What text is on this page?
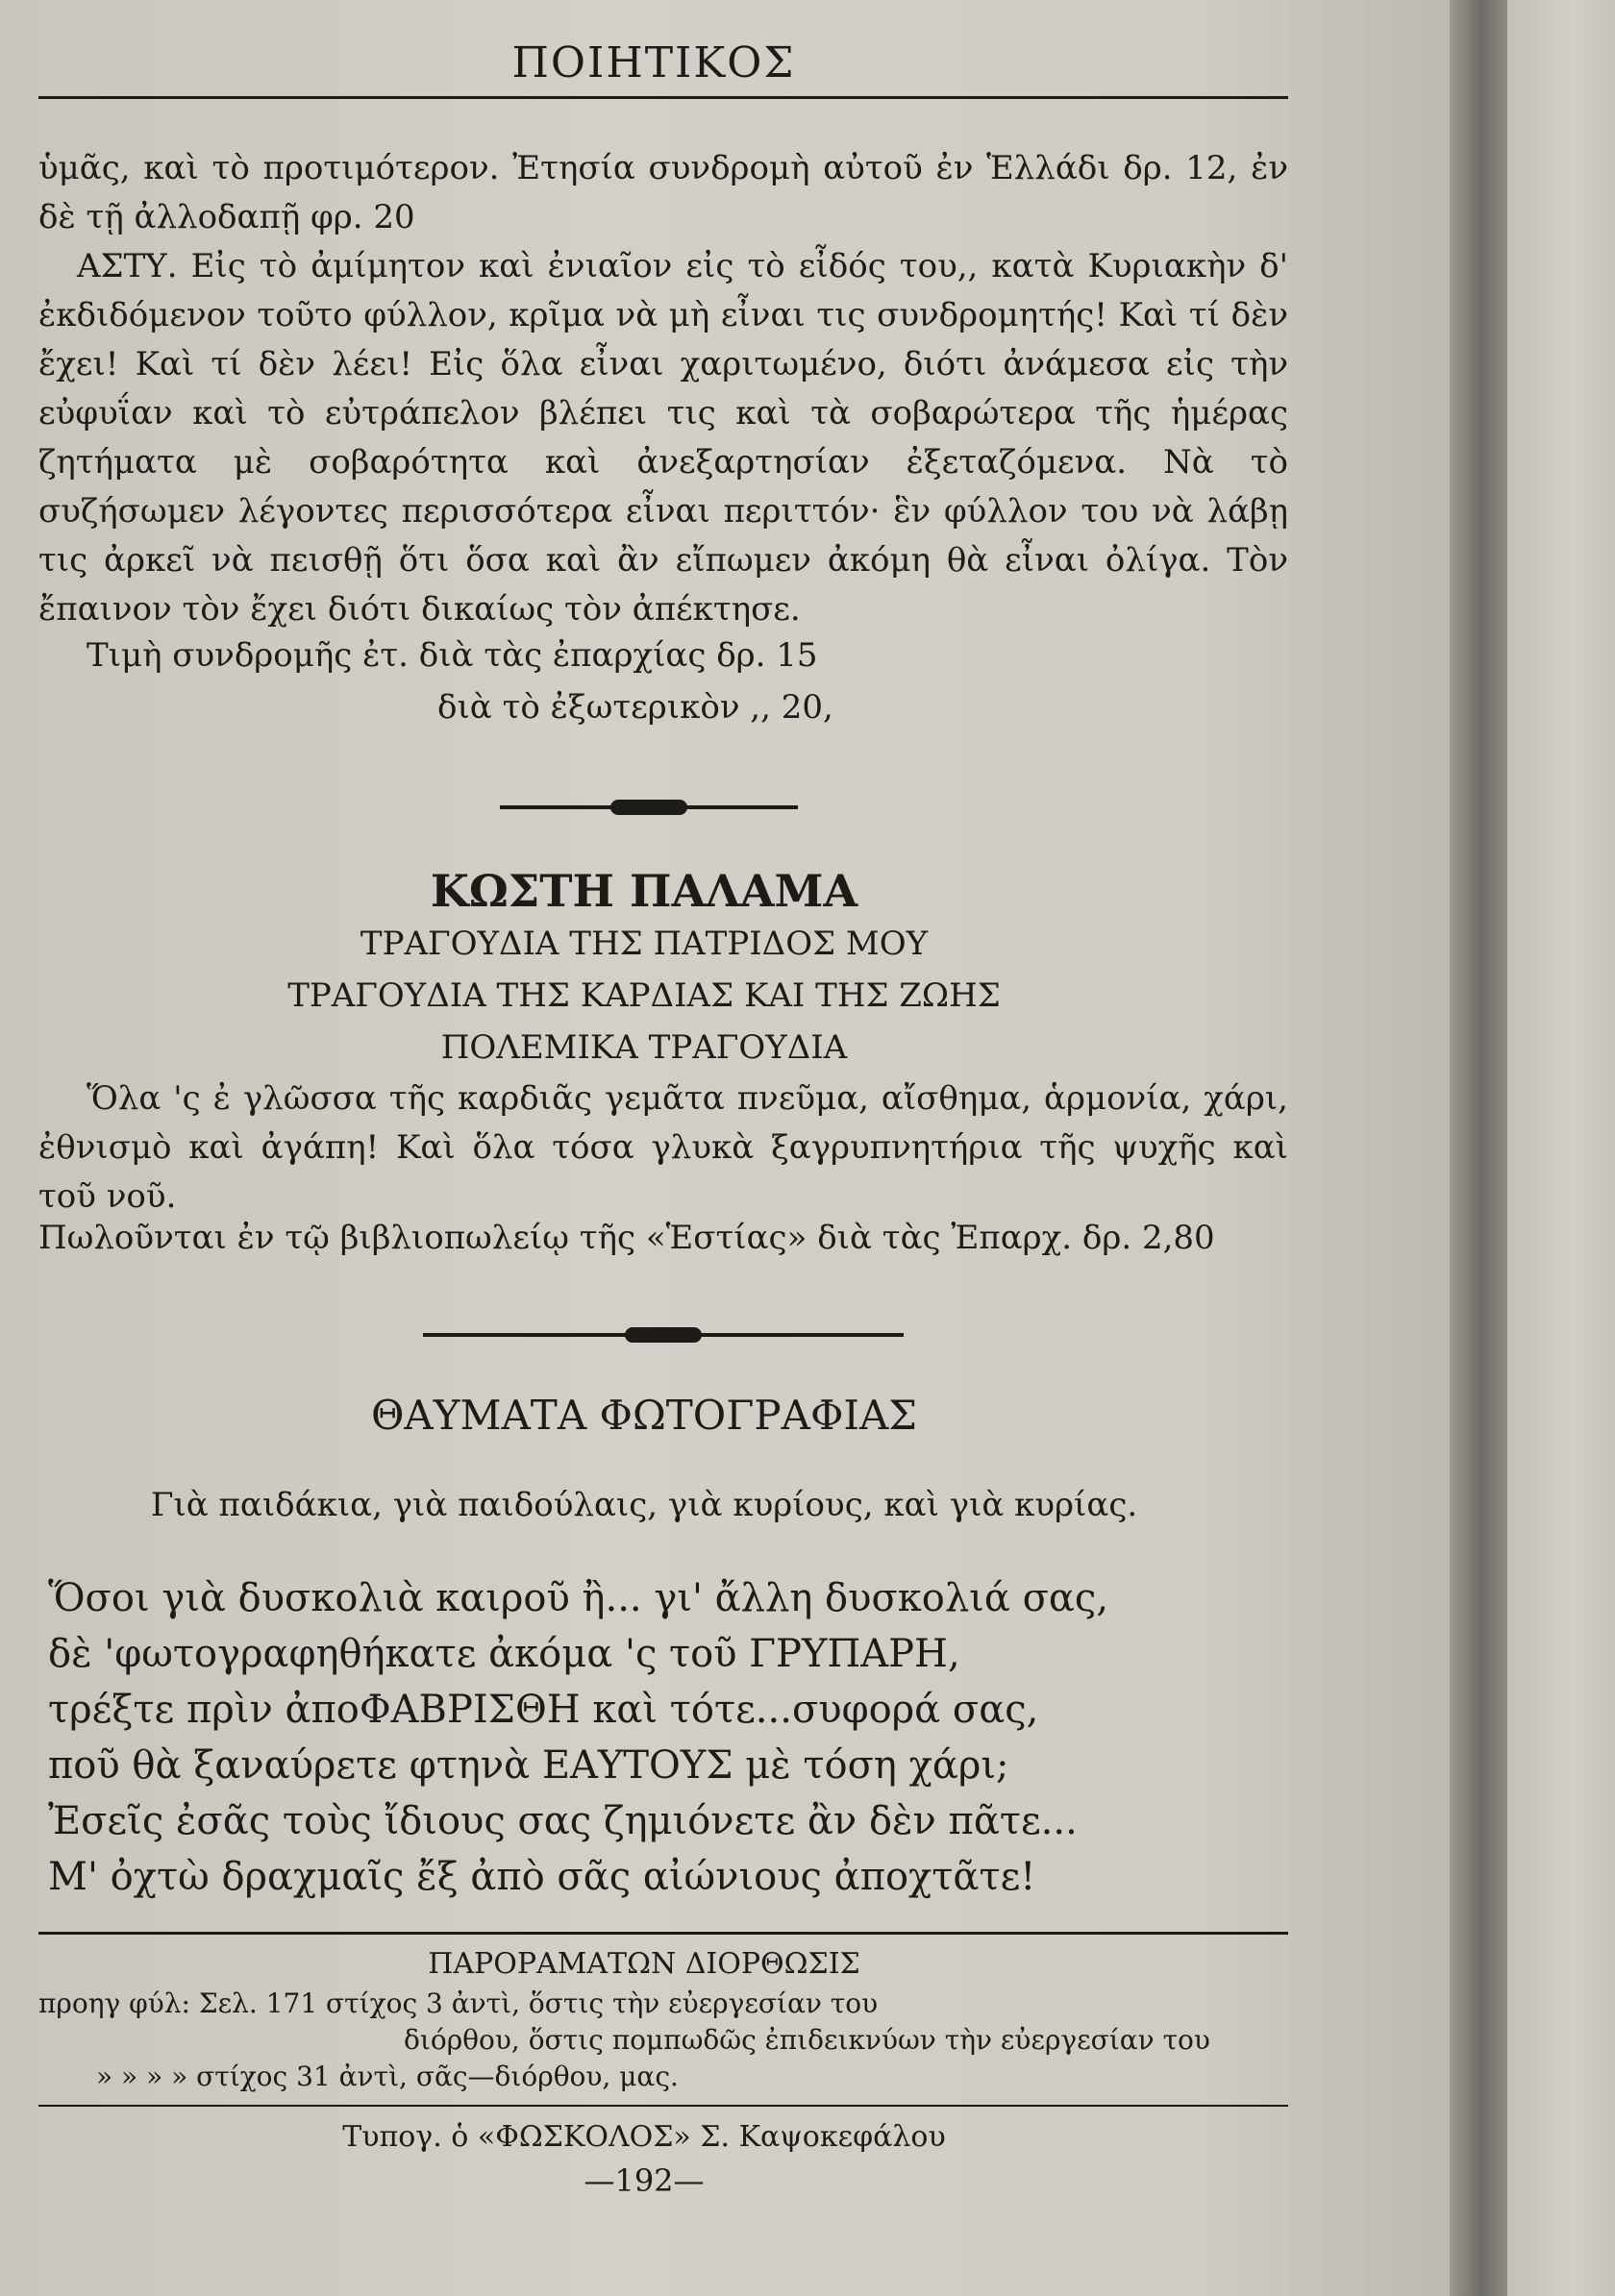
ΠΟΙΗΤΙΚΟΣ
ὑμᾶς, καὶ τὸ προτιμότερον. Ἐτησία συνδρομὴ αὐτοῦ ἐν Ἑλλάδι δρ. 12, ἐν δὲ τῇ ἀλλοδαπῇ φρ. 20
ΑΣΤΥ. Εἰς τὸ ἀμίμητον καὶ ἐνιαῖον εἰς τὸ εἶδός του,, κατὰ Κυριακὴν δ' ἐκδιδόμενον τοῦτο φύλλον, κρῖμα νὰ μὴ εἶναι τις συνδρομητής! Καὶ τί δὲν ἔχει! Καὶ τί δὲν λέει! Εἰς ὅλα εἶναι χαριτωμένο, διότι ἀνάμεσα εἰς τὴν εὐφυΐαν καὶ τὸ εὐτράπελον βλέπει τις καὶ τὰ σοβαρώτερα τῆς ἡμέρας ζητήματα μὲ σοβαρότητα καὶ ἀνεξαρτησίαν ἐξεταζόμενα. Νὰ τὸ συζήσωμεν λέγοντες περισσότερα εἶναι περιττόν· ἓν φύλλον του νὰ λάβῃ τις ἀρκεῖ νὰ πεισθῇ ὅτι ὅσα καὶ ἂν εἴπωμεν ἀκόμη θὰ εἶναι ὀλίγα. Τὸν ἔπαινον τὸν ἔχει διότι δικαίως τὸν ἀπέκτησε.
Τιμὴ συνδρομῆς ἐτ. διὰ τὰς ἐπαρχίας δρ. 15
διὰ τὸ ἐξωτερικὸν ,, 20,
ΚΩΣΤΗ ΠΑΛΑΜΑ
ΤΡΑΓΟΥΔΙΑ ΤΗΣ ΠΑΤΡΙΔΟΣ ΜΟΥ
ΤΡΑΓΟΥΔΙΑ ΤΗΣ ΚΑΡΔΙΑΣ ΚΑΙ ΤΗΣ ΖΩΗΣ
ΠΟΛΕΜΙΚΑ ΤΡΑΓΟΥΔΙΑ
Ὅλα 'ς ἐ γλῶσσα τῆς καρδιᾶς γεμᾶτα πνεῦμα, αἴσθημα, ἁρμονία, χάρι, ἐθνισμὸ καὶ ἀγάπη! Καὶ ὅλα τόσα γλυκὰ ξαγρυπνητήρια τῆς ψυχῆς καὶ τοῦ νοῦ.
Πωλοῦνται ἐν τῷ βιβλιοπωλείῳ τῆς «Ἑστίας» διὰ τὰς Ἐπαρχ. δρ. 2,80
ΘΑΥΜΑΤΑ ΦΩΤΟΓΡΑΦΙΑΣ
Γιὰ παιδάκια, γιὰ παιδούλαις, γιὰ κυρίους, καὶ γιὰ κυρίας.
Ὅσοι γιὰ δυσκολιὰ καιροῦ ἢ... γι' ἄλλη δυσκολιά σας,
δὲ 'φωτογραφηθήκατε ἀκόμα 'ς τοῦ ΓΡΥΠΑΡΗ,
τρέξτε πρὶν ἀποΦΑΒΡΙΣΘΗ καὶ τότε...συφορά σας,
ποῦ θὰ ξαναύρετε φτηνὰ ΕΑΥΤΟΥΣ μὲ τόση χάρι;
Ἐσεῖς ἐσᾶς τοὺς ἴδιους σας ζημιόνετε ἂν δὲν πᾶτε...
Μ' ὀχτὼ δραχμαῖς ἔξ ἀπὸ σᾶς αἰώνιους ἀποχτᾶτε!
ΠΑΡΟΡΑΜΑΤΩΝ ΔΙΟΡΘΩΣΙΣ
προηγ φύλ: Σελ. 171 στίχος 3 ἀντὶ, ὅστις τὴν εὐεργεσίαν του
διόρθου, ὅστις πομπωδῶς ἐπιδεικνύων τὴν εὐεργεσίαν του
» » » » στίχος 31 ἀντὶ, σᾶς—διόρθου, μας.
Τυπογ. ὁ «ΦΩΣΚΟΛΟΣ» Σ. Καψοκεφάλου
—192—
